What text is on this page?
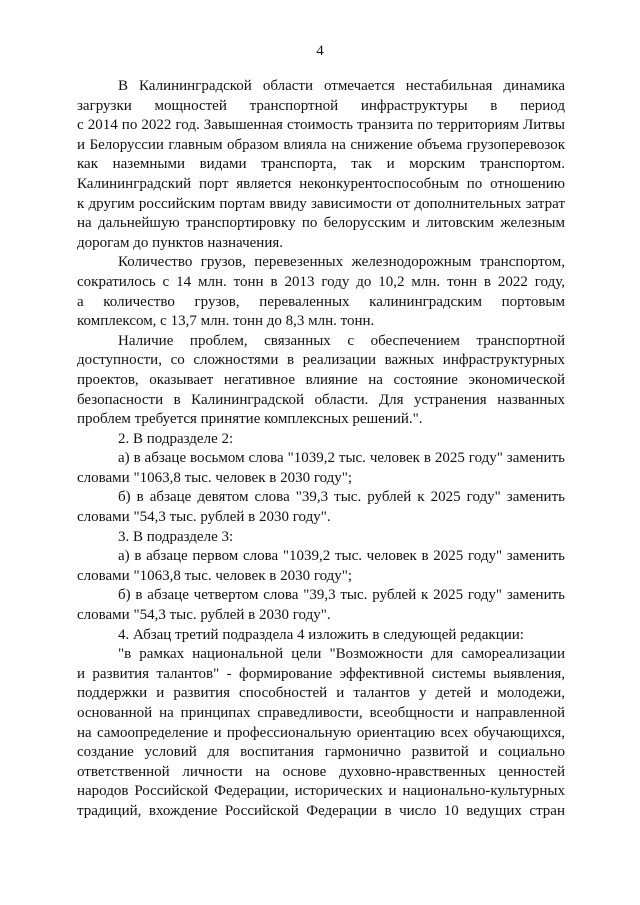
4
В Калининградской области отмечается нестабильная динамика
загрузки мощностей транспортной инфраструктуры в период
с 2014 по 2022 год. Завышенная стоимость транзита по территориям Литвы
и Белоруссии главным образом влияла на снижение объема грузоперевозок
как наземными видами транспорта, так и морским транспортом.
Калининградский порт является неконкурентоспособным по отношению
к другим российским портам ввиду зависимости от дополнительных затрат
на дальнейшую транспортировку по белорусским и литовским железным
дорогам до пунктов назначения.
Количество грузов, перевезенных железнодорожным транспортом,
сократилось с 14 млн. тонн в 2013 году до 10,2 млн. тонн в 2022 году,
а количество грузов, переваленных калининградским портовым
комплексом, с 13,7 млн. тонн до 8,3 млн. тонн.
Наличие проблем, связанных с обеспечением транспортной
доступности, со сложностями в реализации важных инфраструктурных
проектов, оказывает негативное влияние на состояние экономической
безопасности в Калининградской области. Для устранения названных
проблем требуется принятие комплексных решений.".
2. В подразделе 2:
а) в абзаце восьмом слова "1039,2 тыс. человек в 2025 году" заменить
словами "1063,8 тыс. человек в 2030 году";
б) в абзаце девятом слова "39,3 тыс. рублей к 2025 году" заменить
словами "54,3 тыс. рублей в 2030 году".
3. В подразделе 3:
а) в абзаце первом слова "1039,2 тыс. человек в 2025 году" заменить
словами "1063,8 тыс. человек в 2030 году";
б) в абзаце четвертом слова "39,3 тыс. рублей к 2025 году" заменить
словами "54,3 тыс. рублей в 2030 году".
4. Абзац третий подраздела 4 изложить в следующей редакции:
"в рамках национальной цели "Возможности для самореализации
и развития талантов" - формирование эффективной системы выявления,
поддержки и развития способностей и талантов у детей и молодежи,
основанной на принципах справедливости, всеобщности и направленной
на самоопределение и профессиональную ориентацию всех обучающихся,
создание условий для воспитания гармонично развитой и социально
ответственной личности на основе духовно-нравственных ценностей
народов Российской Федерации, исторических и национально-культурных
традиций, вхождение Российской Федерации в число 10 ведущих стран
